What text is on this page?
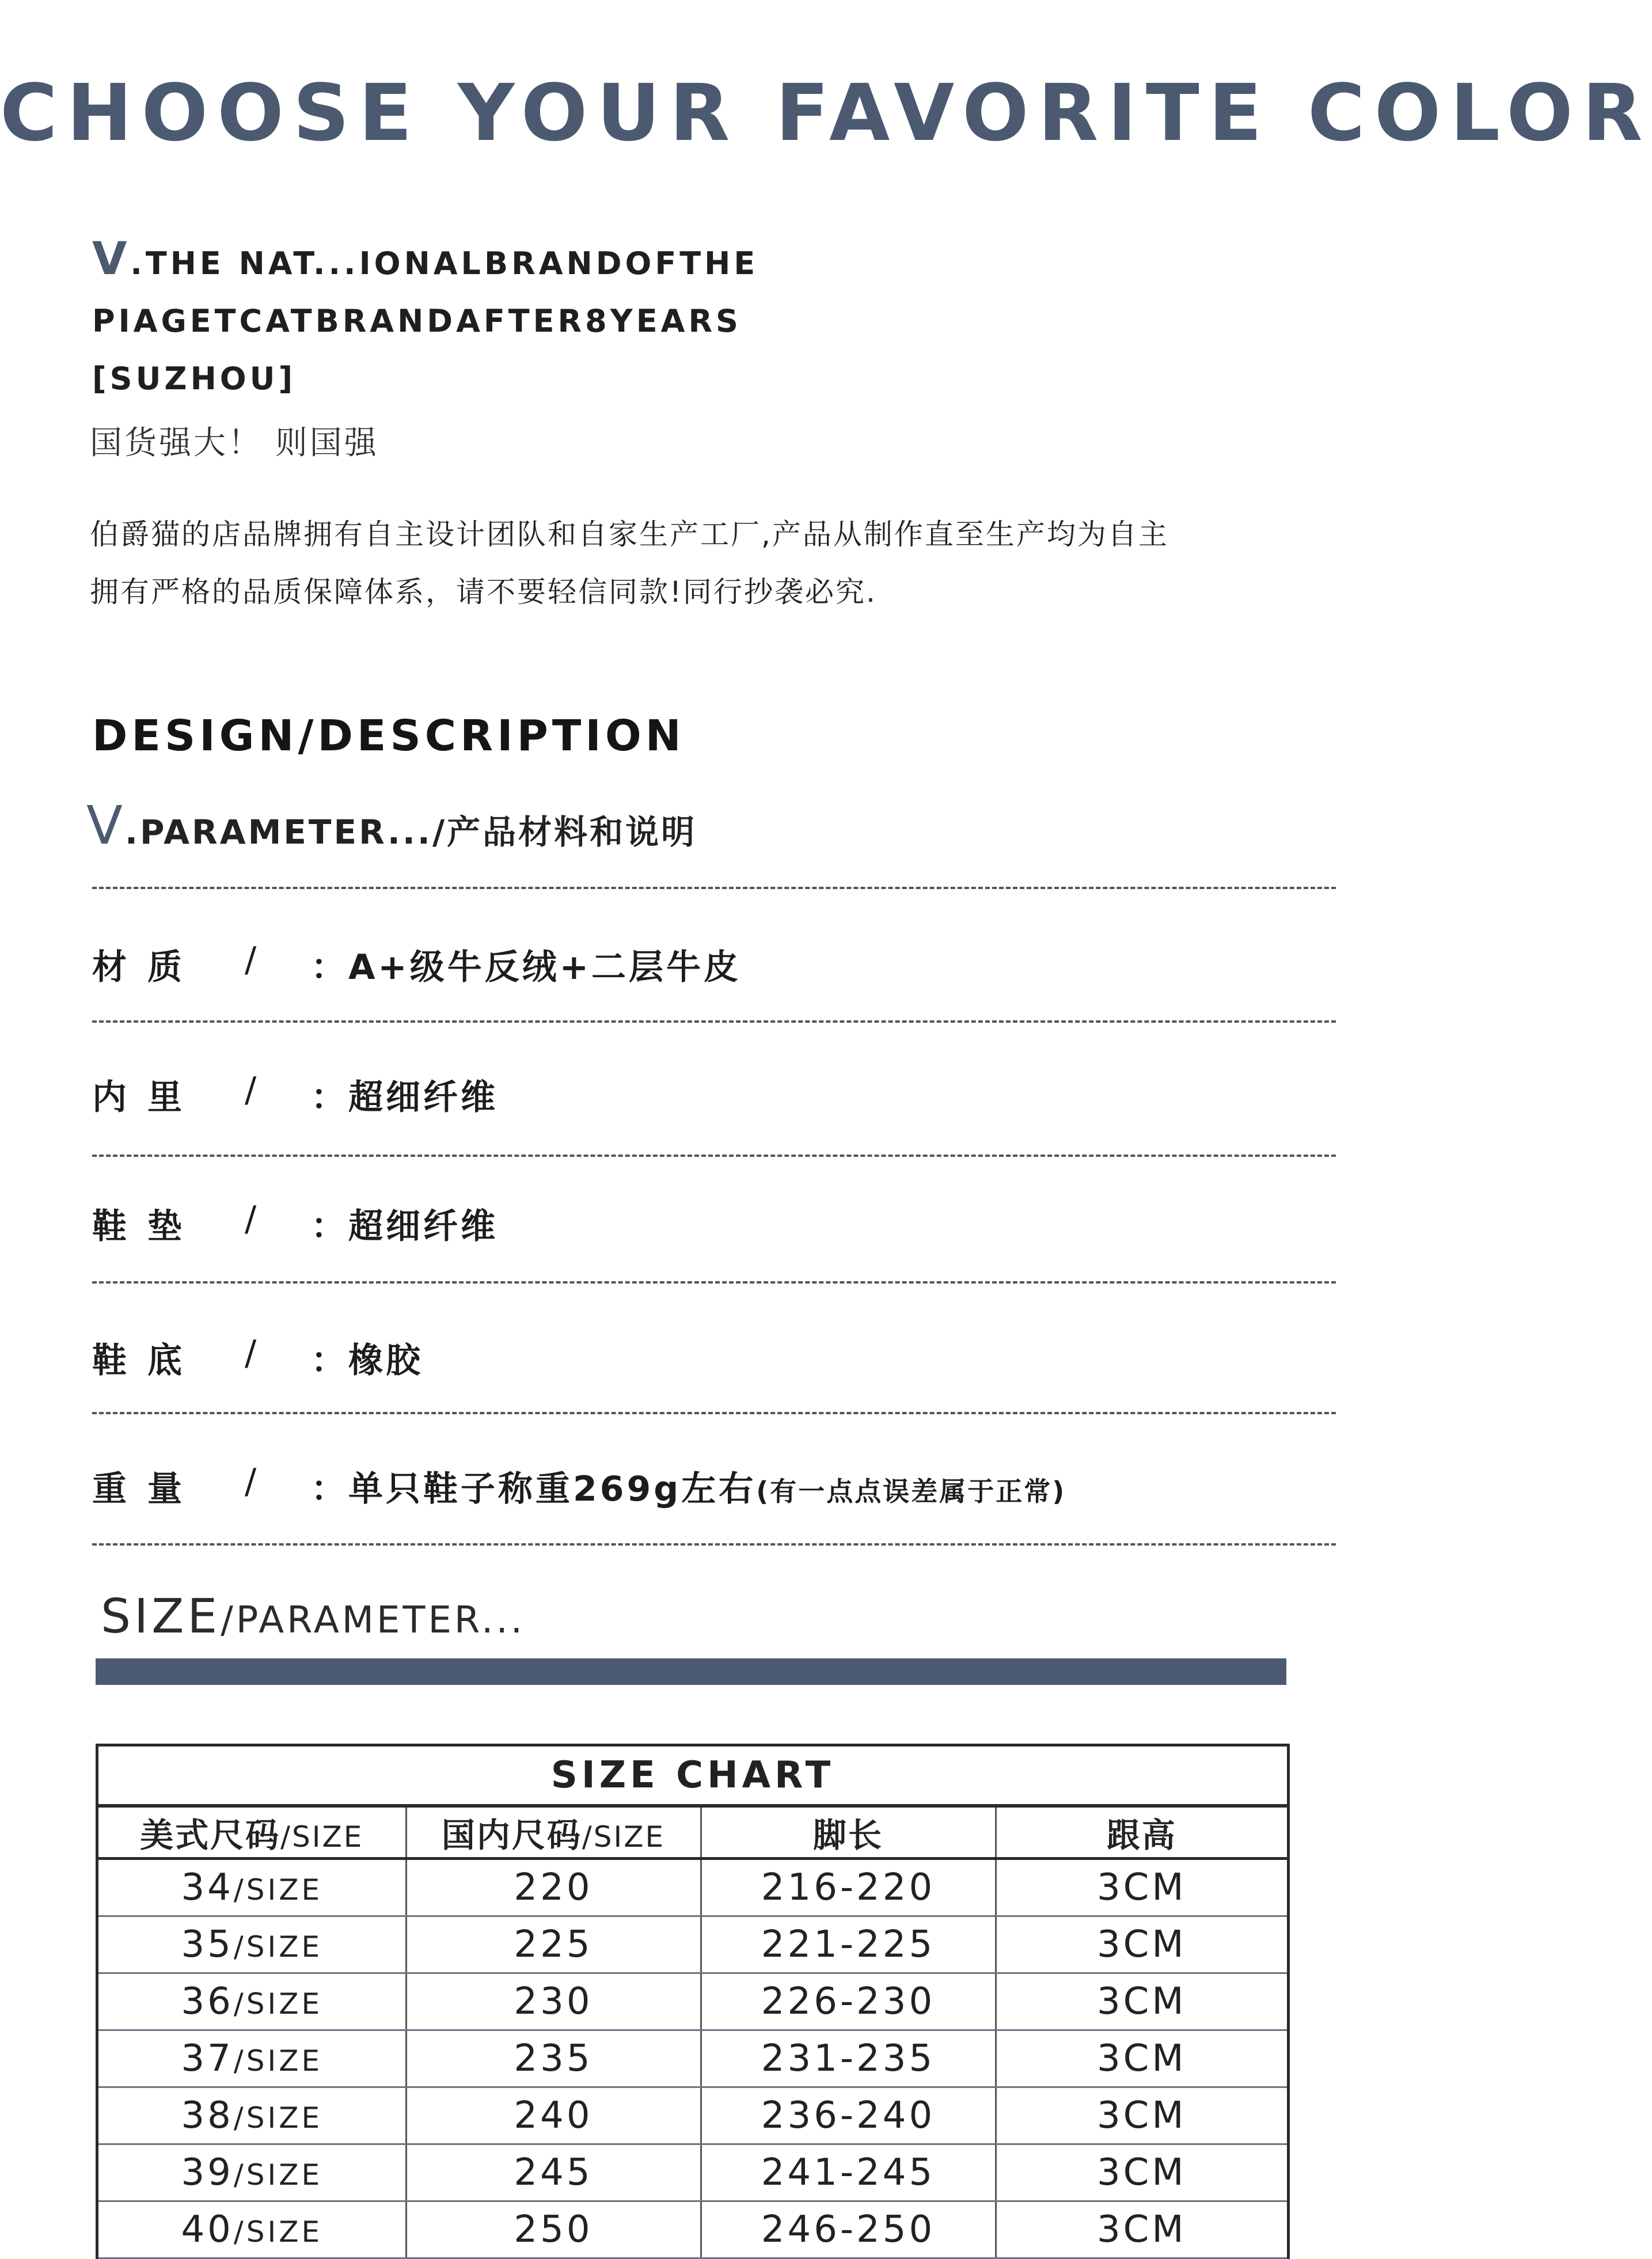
CHOOSE YOUR FAVORITE COLOR
V.THE NAT...IONALBRANDOFTHE
PIAGETCATBRANDAFTER8YEARS
[SUZHOU]
国货强大！ 则国强
伯爵猫的店品牌拥有自主设计团队和自家生产工厂,产品从制作直至生产均为自主
拥有严格的品质保障体系，请不要轻信同款!同行抄袭必究.
DESIGN/DESCRIPTION
V.PARAMETER.../产品材料和说明
材质 / ：A+级牛反绒+二层牛皮
内里 / ：超细纤维
鞋垫 / ：超细纤维
鞋底 / ：橡胶
重量 / ：单只鞋子称重269g左右(有一点点误差属于正常)
SIZE/PARAMETER...
SIZE CHART
美式尺码/SIZE	国内尺码/SIZE	脚长	跟高
34/SIZE	220	216-220	3CM
35/SIZE	225	221-225	3CM
36/SIZE	230	226-230	3CM
37/SIZE	235	231-235	3CM
38/SIZE	240	236-240	3CM
39/SIZE	245	241-245	3CM
40/SIZE	250	246-250	3CM
